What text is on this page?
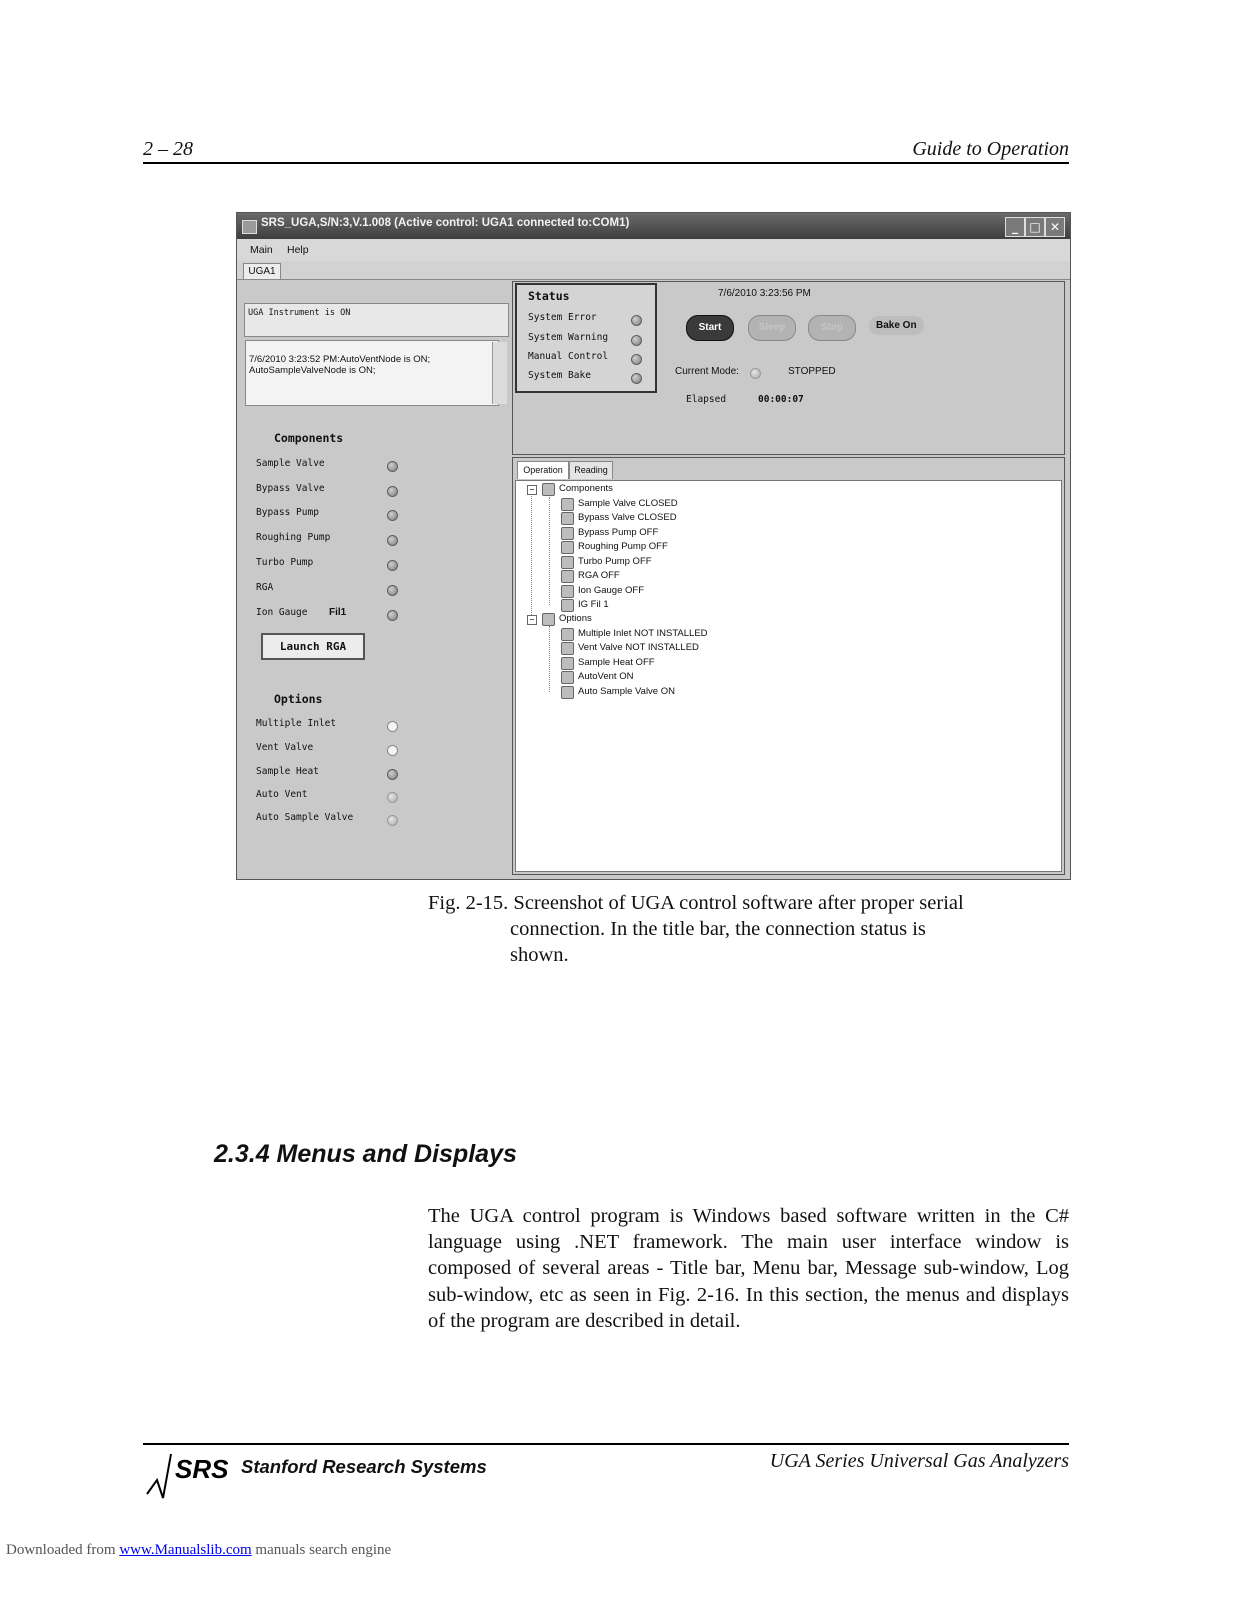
2 – 28	Guide to Operation
SRS_UGA,S/N:3,V.1.008 (Active control: UGA1 connected to:COM1)	_ □ ✕
Main Help
UGA1
UGA Instrument is ON
7/6/2010 3:23:52 PM:AutoVentNode is ON;
AutoSampleValveNode is ON;
Components
Sample Valve
Bypass Valve
Bypass Pump
Roughing Pump
Turbo Pump
RGA
Ion Gauge Fil1
Launch RGA
Options
Multiple Inlet
Vent Valve
Sample Heat
Auto Vent
Auto Sample Valve
Status
System Error
System Warning
Manual Control
System Bake
7/6/2010 3:23:56 PM
Start	Sleep	Stop	Bake On
Current Mode:	STOPPED
Elapsed	00:00:07
Operation	Reading
−	Components
Sample Valve CLOSED
Bypass Valve CLOSED
Bypass Pump OFF
Roughing Pump OFF
Turbo Pump OFF
RGA OFF
Ion Gauge OFF
IG Fil 1
−	Options
Multiple Inlet NOT INSTALLED
Vent Valve NOT INSTALLED
Sample Heat OFF
AutoVent ON
Auto Sample Valve ON
Fig. 2-15. Screenshot of UGA control software after proper serial
connection. In the title bar, the connection status is
shown.
2.3.4 Menus and Displays
The UGA control program is Windows based software written in the C# language using .NET framework. The main user interface window is composed of several areas - Title bar, Menu bar, Message sub-window, Log sub-window, etc as seen in Fig. 2-16. In this section, the menus and displays of the program are described in detail.
SRS Stanford Research Systems	UGA Series Universal Gas Analyzers
Downloaded from www.Manualslib.com manuals search engine
